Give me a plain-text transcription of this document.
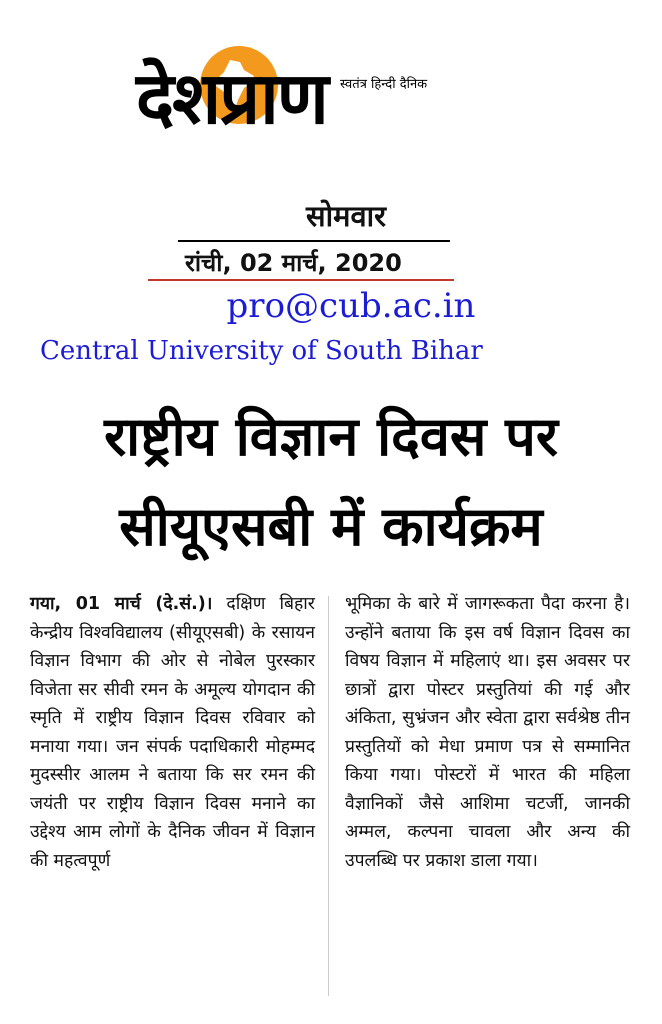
देशप्राण स्वतंत्र हिन्दी दैनिक
सोमवार
रांची, 02 मार्च, 2020
pro@cub.ac.in
Central University of South Bihar
राष्ट्रीय विज्ञान दिवस पर
सीयूएसबी में कार्यक्रम
गया, 01 मार्च (दे.सं.)। दक्षिण बिहार केन्द्रीय विश्वविद्यालय (सीयूएसबी) के रसायन विज्ञान विभाग की ओर से नोबेल पुरस्कार विजेता सर सीवी रमन के अमूल्य योगदान की स्मृति में राष्ट्रीय विज्ञान दिवस रविवार को मनाया गया। जन संपर्क पदाधिकारी मोहम्मद मुदस्सीर आलम ने बताया कि सर रमन की जयंती पर राष्ट्रीय विज्ञान दिवस मनाने का उद्देश्य आम लोगों के दैनिक जीवन में विज्ञान की महत्वपूर्ण
भूमिका के बारे में जागरूकता पैदा करना है। उन्होंने बताया कि इस वर्ष विज्ञान दिवस का विषय विज्ञान में महिलाएं था। इस अवसर पर छात्रों द्वारा पोस्टर प्रस्तुतियां की गई और अंकिता, सुभ्रंजन और स्वेता द्वारा सर्वश्रेष्ठ तीन प्रस्तुतियों को मेधा प्रमाण पत्र से सम्मानित किया गया। पोस्टरों में भारत की महिला वैज्ञानिकों जैसे आशिमा चटर्जी, जानकी अम्मल, कल्पना चावला और अन्य की उपलब्धि पर प्रकाश डाला गया।
